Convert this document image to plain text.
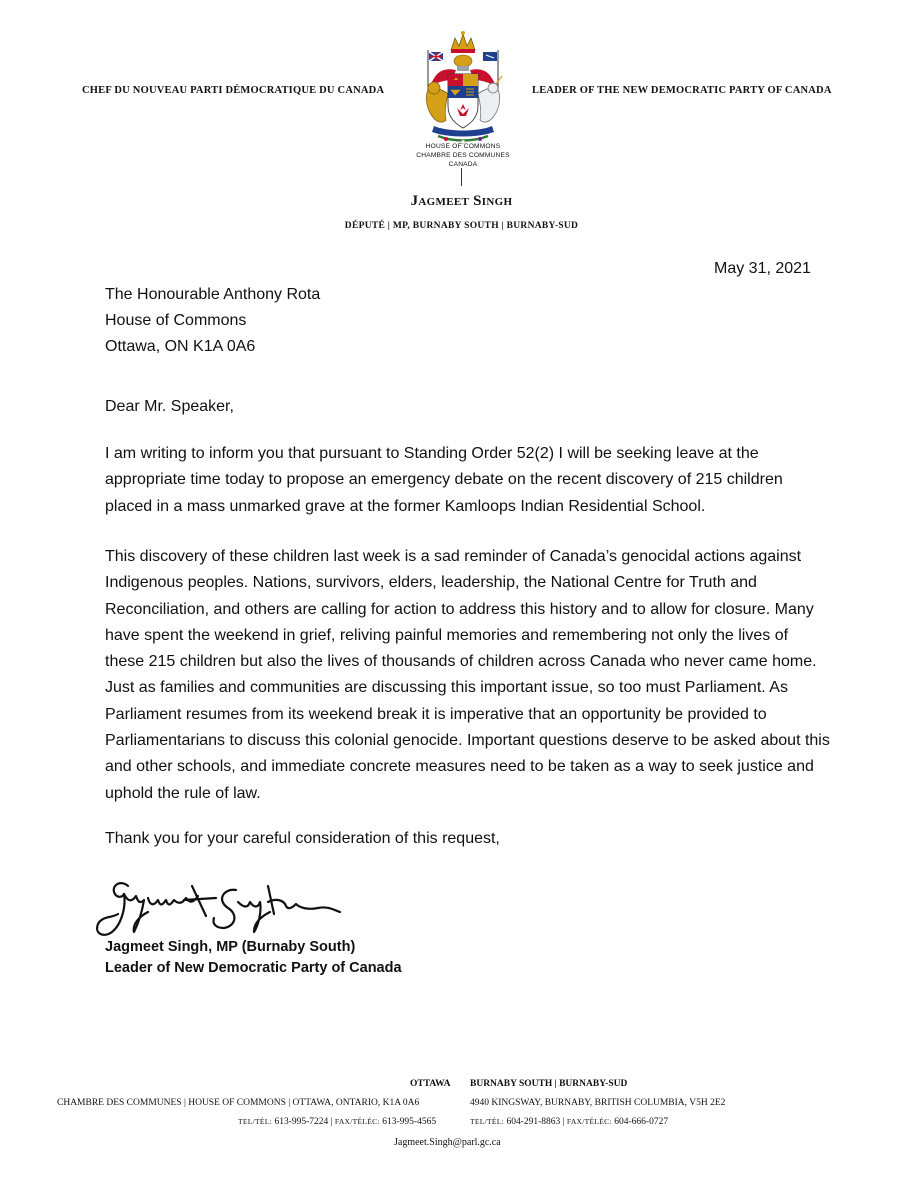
CHEF DU NOUVEAU PARTI DÉMOCRATIQUE DU CANADA	LEADER OF THE NEW DEMOCRATIC PARTY OF CANADA
HOUSE OF COMMONS
CHAMBRE DES COMMUNES
CANADA
Jagmeet Singh
DÉPUTÉ | MP, BURNABY SOUTH | BURNABY-SUD
May 31, 2021
The Honourable Anthony Rota
House of Commons
Ottawa, ON K1A 0A6
Dear Mr. Speaker,
I am writing to inform you that pursuant to Standing Order 52(2) I will be seeking leave at the appropriate time today to propose an emergency debate on the recent discovery of 215 children placed in a mass unmarked grave at the former Kamloops Indian Residential School.
This discovery of these children last week is a sad reminder of Canada’s genocidal actions against Indigenous peoples. Nations, survivors, elders, leadership, the National Centre for Truth and Reconciliation, and others are calling for action to address this history and to allow for closure. Many have spent the weekend in grief, reliving painful memories and remembering not only the lives of these 215 children but also the lives of thousands of children across Canada who never came home. Just as families and communities are discussing this important issue, so too must Parliament. As Parliament resumes from its weekend break it is imperative that an opportunity be provided to Parliamentarians to discuss this colonial genocide. Important questions deserve to be asked about this and other schools, and immediate concrete measures need to be taken as a way to seek justice and uphold the rule of law.
Thank you for your careful consideration of this request,
Jagmeet Singh, MP (Burnaby South)
Leader of New Democratic Party of Canada
OTTAWA BURNABY SOUTH | BURNABY-SUD
CHAMBRE DES COMMUNES | HOUSE OF COMMONS | OTTAWA, ONTARIO, K1A 0A6	4940 KINGSWAY, BURNABY, BRITISH COLUMBIA, V5H 2E2
TEL/TÉL: 613-995-7224 | FAX/TÉLÉC: 613-995-4565	TEL/TÉL: 604-291-8863 | FAX/TÉLÉC: 604-666-0727
Jagmeet.Singh@parl.gc.ca
